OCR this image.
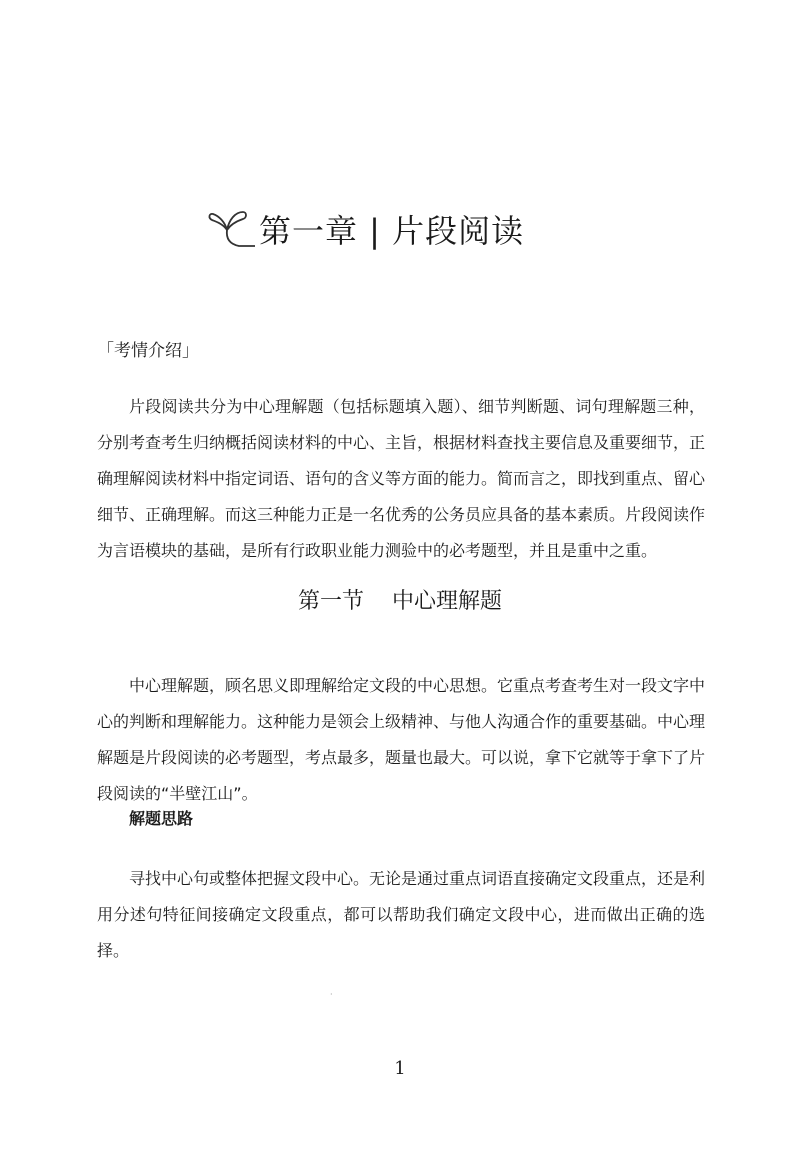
第一章 | 片段阅读
「考情介绍」

片段阅读共分为中心理解题（包括标题填入题）、细节判断题、词句理解题三种，分别考查考生归纳概括阅读材料的中心、主旨，根据材料查找主要信息及重要细节，正确理解阅读材料中指定词语、语句的含义等方面的能力。简而言之，即找到重点、留心细节、正确理解。而这三种能力正是一名优秀的公务员应具备的基本素质。片段阅读作为言语模块的基础，是所有行政职业能力测验中的必考题型，并且是重中之重。

第一节    中心理解题

中心理解题，顾名思义即理解给定文段的中心思想。它重点考查考生对一段文字中心的判断和理解能力。这种能力是领会上级精神、与他人沟通合作的重要基础。中心理解题是片段阅读的必考题型，考点最多，题量也最大。可以说，拿下它就等于拿下了片段阅读的“半壁江山”。

解题思路

寻找中心句或整体把握文段中心。无论是通过重点词语直接确定文段重点，还是利用分述句特征间接确定文段重点，都可以帮助我们确定文段中心，进而做出正确的选择。

·
1
